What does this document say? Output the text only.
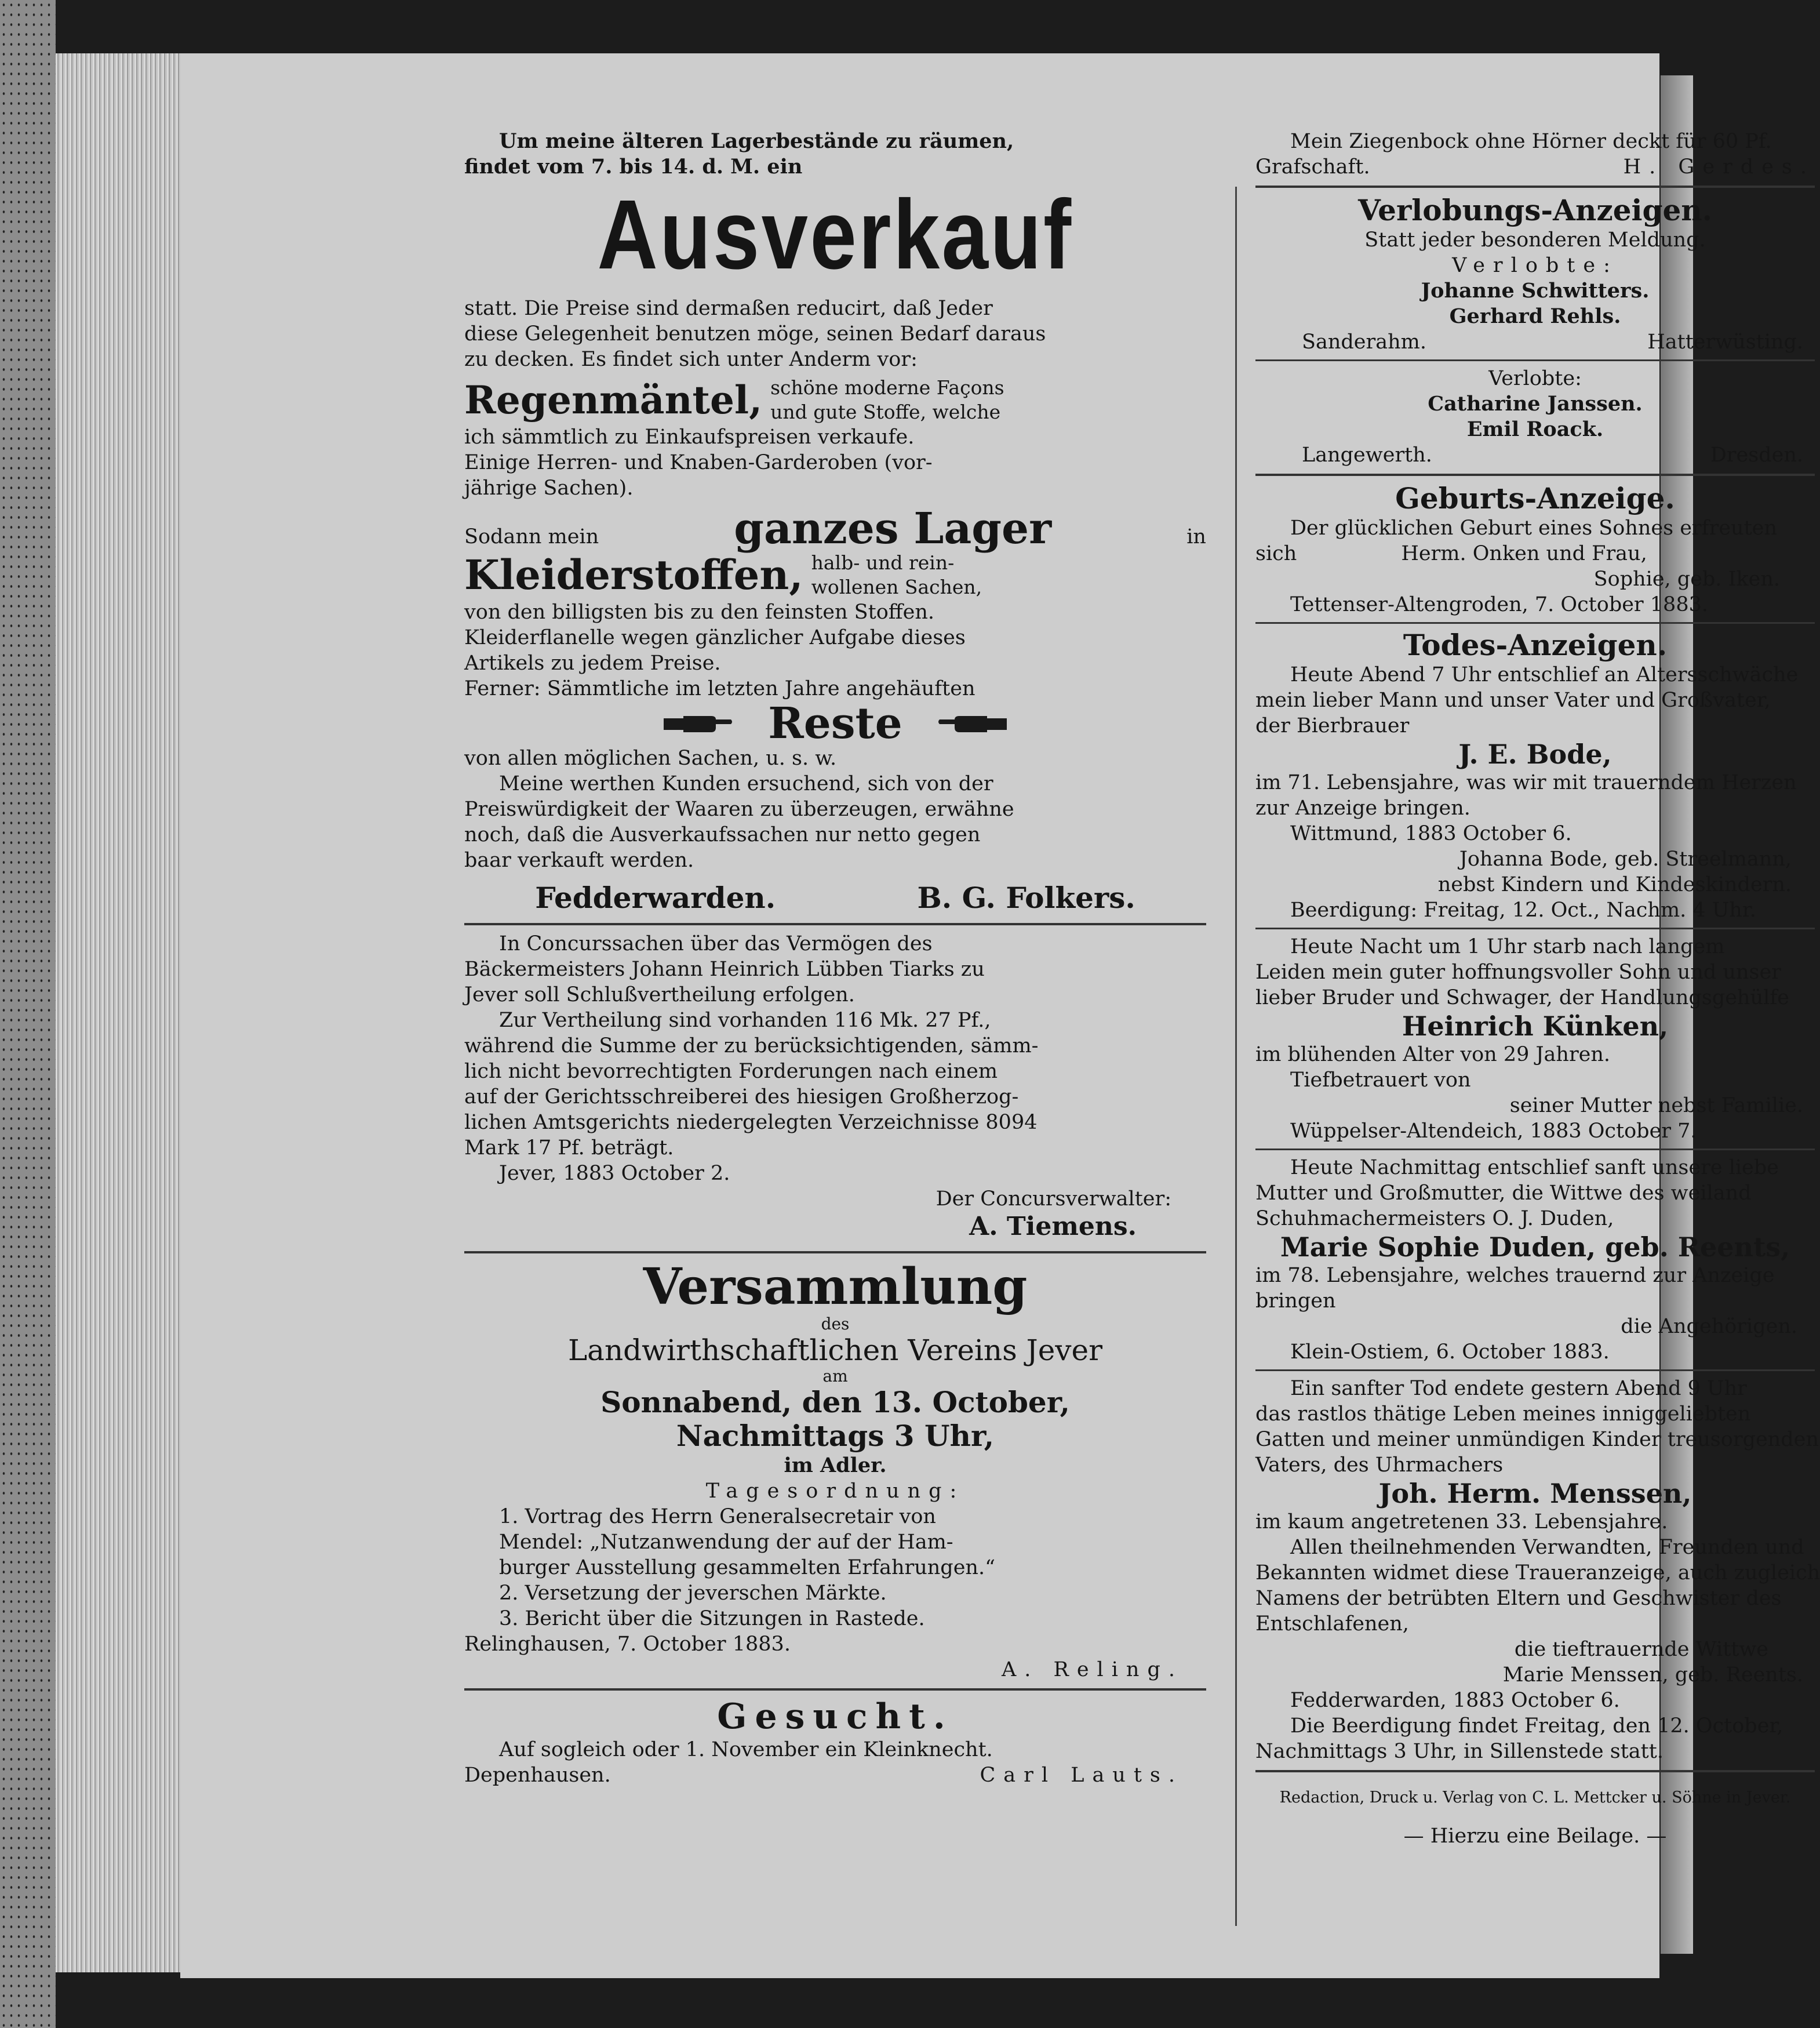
Um meine älteren Lagerbestände zu räumen,

findet vom 7. bis 14. d. M. ein

Ausverkauf

statt. Die Preise sind dermaßen reducirt, daß Jeder

diese Gelegenheit benutzen möge, seinen Bedarf daraus

zu decken. Es findet sich unter Anderm vor:

Regenmäntel, schöne moderne Façons

und gute Stoffe, welche

ich sämmtlich zu Einkaufspreisen verkaufe.

Einige Herren- und Knaben-Garderoben (vor-

jährige Sachen).

Sodann mein	ganzes Lager	in
Kleiderstoffen, halb- und rein-

wollenen Sachen,

von den billigsten bis zu den feinsten Stoffen.

Kleiderflanelle wegen gänzlicher Aufgabe dieses

Artikels zu jedem Preise.

Ferner: Sämmtliche im letzten Jahre angehäuften

Reste

von allen möglichen Sachen, u. s. w.

Meine werthen Kunden ersuchend, sich von der

Preiswürdigkeit der Waaren zu überzeugen, erwähne

noch, daß die Ausverkaufssachen nur netto gegen

baar verkauft werden.

Fedderwarden.	B. G. Folkers.

In Concurssachen über das Vermögen des

Bäckermeisters Johann Heinrich Lübben Tiarks zu

Jever soll Schlußvertheilung erfolgen.

Zur Vertheilung sind vorhanden 116 Mk. 27 Pf.,

während die Summe der zu berücksichtigenden, sämm-

lich nicht bevorrechtigten Forderungen nach einem

auf der Gerichtsschreiberei des hiesigen Großherzog-

lichen Amtsgerichts niedergelegten Verzeichnisse 8094

Mark 17 Pf. beträgt.

Jever, 1883 October 2.

Der Concursverwalter:

A. Tiemens.

Versammlung

des

Landwirthschaftlichen Vereins Jever

am

Sonnabend, den 13. October,

Nachmittags 3 Uhr,

im Adler.

Tagesordnung:

1. Vortrag des Herrn Generalsecretair von

Mendel: „Nutzanwendung der auf der Ham-

burger Ausstellung gesammelten Erfahrungen.“

2. Versetzung der jeverschen Märkte.

3. Bericht über die Sitzungen in Rastede.

Relinghausen, 7. October 1883.

A. Reling.

Gesucht.

Auf sogleich oder 1. November ein Kleinknecht.

Depenhausen.	Carl Lauts.

Mein Ziegenbock ohne Hörner deckt für 60 Pf.

Grafschaft.	H. Gerdes.
Verlobungs-Anzeigen.

Statt jeder besonderen Meldung.

Verlobte:

Johanne Schwitters.

Gerhard Rehls.

Sanderahm.	Hatterwüsting.

Verlobte:

Catharine Janssen.

Emil Roack.

Langewerth.	Dresden.
Geburts-Anzeige.

Der glücklichen Geburt eines Sohnes erfreuten

sich	Herm. Onken und Frau,

Sophie, geb. Iken.

Tettenser-Altengroden, 7. October 1883.

Todes-Anzeigen.

Heute Abend 7 Uhr entschlief an Altersschwäche

mein lieber Mann und unser Vater und Großvater,

der Bierbrauer

J. E. Bode,

im 71. Lebensjahre, was wir mit trauerndem Herzen

zur Anzeige bringen.

Wittmund, 1883 October 6.

Johanna Bode, geb. Streelmann,

nebst Kindern und Kindeskindern.

Beerdigung: Freitag, 12. Oct., Nachm. 4 Uhr.

Heute Nacht um 1 Uhr starb nach langem

Leiden mein guter hoffnungsvoller Sohn und unser

lieber Bruder und Schwager, der Handlungsgehülfe

Heinrich Künken,

im blühenden Alter von 29 Jahren.

Tiefbetrauert von

seiner Mutter nebst Familie.

Wüppelser-Altendeich, 1883 October 7.

Heute Nachmittag entschlief sanft unsere liebe

Mutter und Großmutter, die Wittwe des weiland

Schuhmachermeisters O. J. Duden,

Marie Sophie Duden, geb. Reents,

im 78. Lebensjahre, welches trauernd zur Anzeige

bringen

die Angehörigen.

Klein-Ostiem, 6. October 1883.

Ein sanfter Tod endete gestern Abend 9 Uhr

das rastlos thätige Leben meines inniggeliebten

Gatten und meiner unmündigen Kinder treusorgenden

Vaters, des Uhrmachers

Joh. Herm. Menssen,

im kaum angetretenen 33. Lebensjahre.

Allen theilnehmenden Verwandten, Freunden und

Bekannten widmet diese Traueranzeige, auch zugleich

Namens der betrübten Eltern und Geschwister des

Entschlafenen,

die tieftrauernde Wittwe

Marie Menssen, geb. Reents.

Fedderwarden, 1883 October 6.

Die Beerdigung findet Freitag, den 12. October,

Nachmittags 3 Uhr, in Sillenstede statt.

Redaction, Druck u. Verlag von C. L. Mettcker u. Söhne in Jever.

— Hierzu eine Beilage. —
